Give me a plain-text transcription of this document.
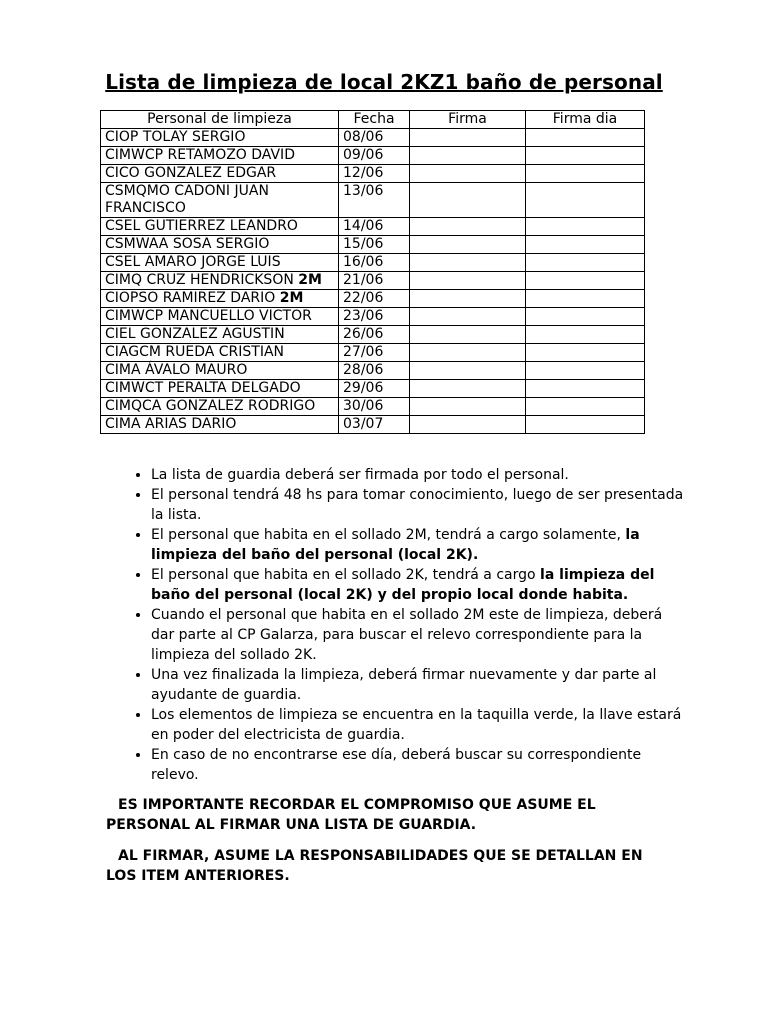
Lista de limpieza de local 2KZ1 baño de personal
Personal de limpieza	Fecha	Firma	Firma dia
CIOP TOLAY SERGIO	08/06		
CIMWCP RETAMOZO DAVID	09/06		
CICO GONZALEZ EDGAR	12/06		
CSMQMO CADONI JUAN FRANCISCO	13/06		
CSEL GUTIERREZ LEANDRO	14/06		
CSMWAA SOSA SERGIO	15/06		
CSEL AMARO JORGE LUIS	16/06		
CIMQ CRUZ HENDRICKSON 2M	21/06		
CIOPSO RAMIREZ DARIO 2M	22/06		
CIMWCP MANCUELLO VICTOR	23/06		
CIEL GONZALEZ AGUSTIN	26/06		
CIAGCM RUEDA CRISTIAN	27/06		
CIMA ÁVALO MAURO	28/06		
CIMWCT PERALTA DELGADO	29/06		
CIMQCA GONZALEZ RODRIGO	30/06		
CIMA ARIAS DARIO	03/07		
• La lista de guardia deberá ser firmada por todo el personal.
• El personal tendrá 48 hs para tomar conocimiento, luego de ser presentada la lista.
• El personal que habita en el sollado 2M, tendrá a cargo solamente, la limpieza del baño del personal (local 2K).
• El personal que habita en el sollado 2K, tendrá a cargo la limpieza del baño del personal (local 2K) y del propio local donde habita.
• Cuando el personal que habita en el sollado 2M este de limpieza, deberá dar parte al CP Galarza, para buscar el relevo correspondiente para la limpieza del sollado 2K.
• Una vez finalizada la limpieza, deberá firmar nuevamente y dar parte al ayudante de guardia.
• Los elementos de limpieza se encuentra en la taquilla verde, la llave estará en poder del electricista de guardia.
• En caso de no encontrarse ese día, deberá buscar su correspondiente relevo.

ES IMPORTANTE RECORDAR EL COMPROMISO QUE ASUME EL PERSONAL AL FIRMAR UNA LISTA DE GUARDIA.

AL FIRMAR, ASUME LA RESPONSABILIDADES QUE SE DETALLAN EN LOS ITEM ANTERIORES.
